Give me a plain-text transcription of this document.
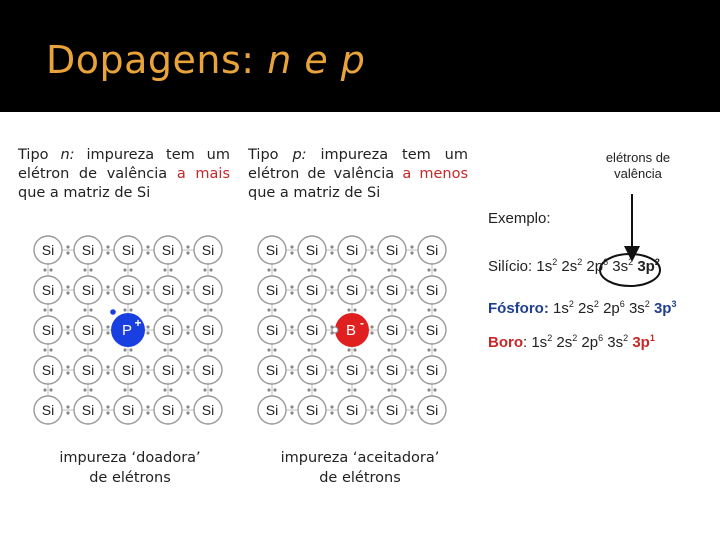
Dopagens: n e p

Tipo n: impureza tem um elétron de valência a mais que a matriz de Si

Tipo p: impureza tem um elétron de valência a menos que a matriz de Si

Si Si Si Si Si
Si Si Si Si Si
Si Si P + Si Si
Si Si Si Si Si
Si Si Si Si Si
Si Si Si Si Si
Si Si Si Si Si
Si Si B - Si Si
Si Si Si Si Si
Si Si Si Si Si
impureza ‘doadora’
de elétrons
impureza ‘aceitadora’
de elétrons
elétrons de
valência
Exemplo:
Silício: $1s^2$ $2s^2$ $2p^6$ $3s^2$ $3p^2$
Fósforo: $1s^2$ $2s^2$ $2p^6$ $3s^2$ $3p^3$
Boro: $1s^2$ $2s^2$ $2p^6$ $3s^2$ $3p^1$
